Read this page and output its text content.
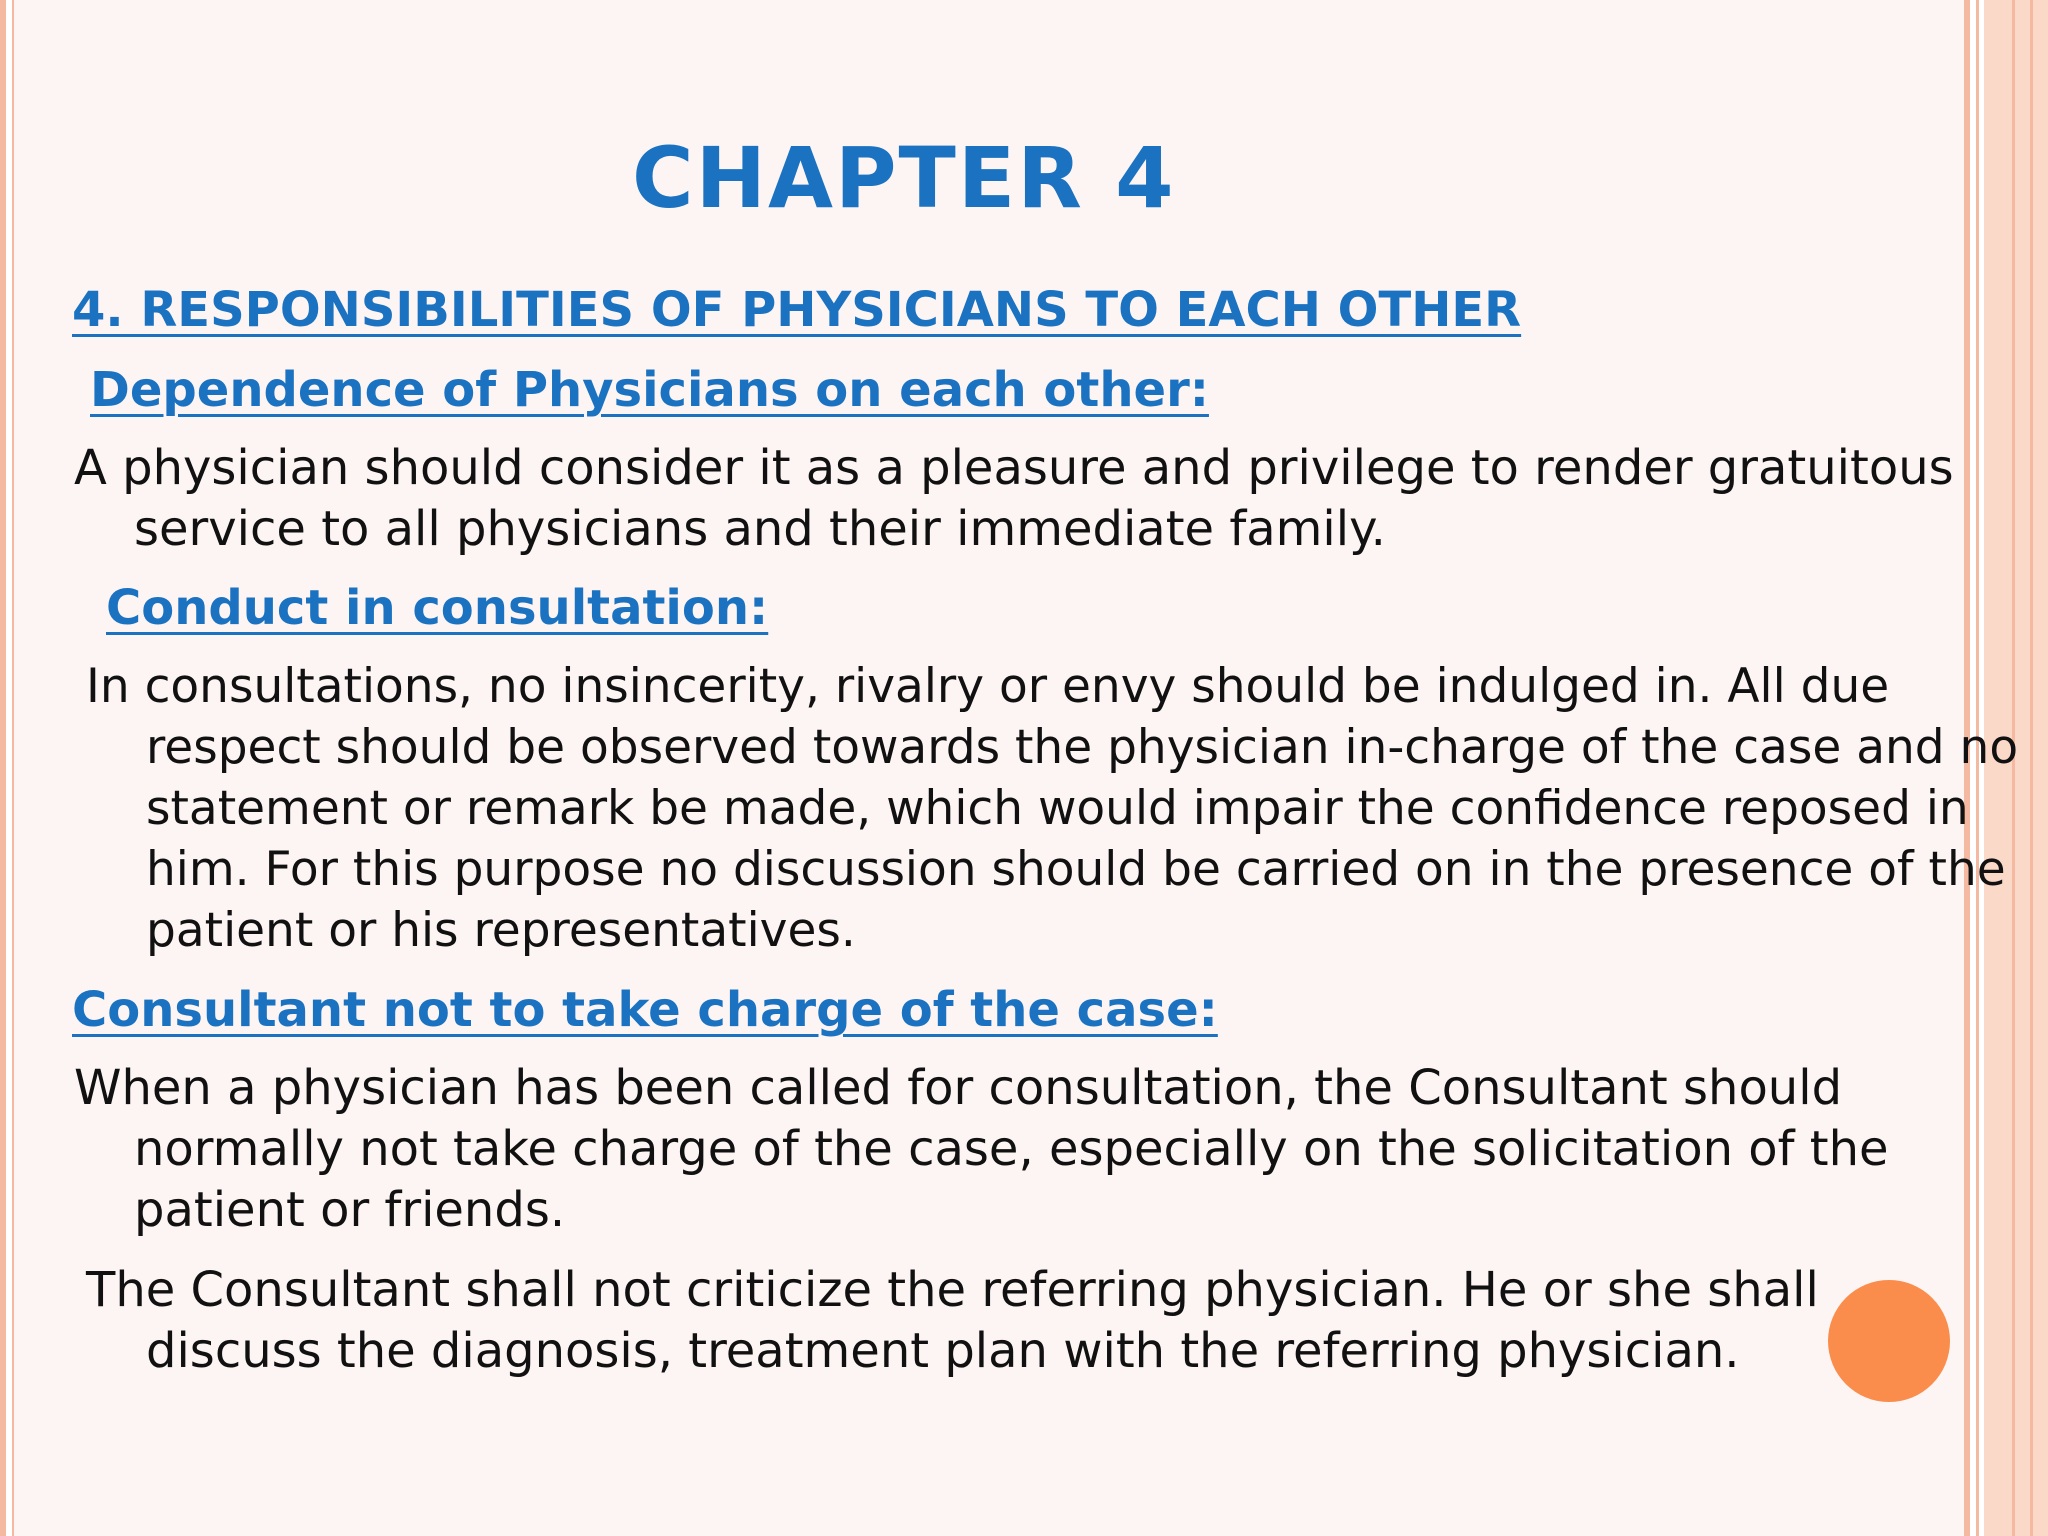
CHAPTER 4
4. RESPONSIBILITIES OF PHYSICIANS TO EACH OTHER
Dependence of Physicians on each other:
A physician should consider it as a pleasure and privilege to render gratuitous service to all physicians and their immediate family.
Conduct in consultation:
In consultations, no insincerity, rivalry or envy should be indulged in. All due respect should be observed towards the physician in-charge of the case and no statement or remark be made, which would impair the confidence reposed in him. For this purpose no discussion should be carried on in the presence of the patient or his representatives.
Consultant not to take charge of the case:
When a physician has been called for consultation, the Consultant should normally not take charge of the case, especially on the solicitation of the patient or friends.
The Consultant shall not criticize the referring physician. He or she shall discuss the diagnosis, treatment plan with the referring physician.
